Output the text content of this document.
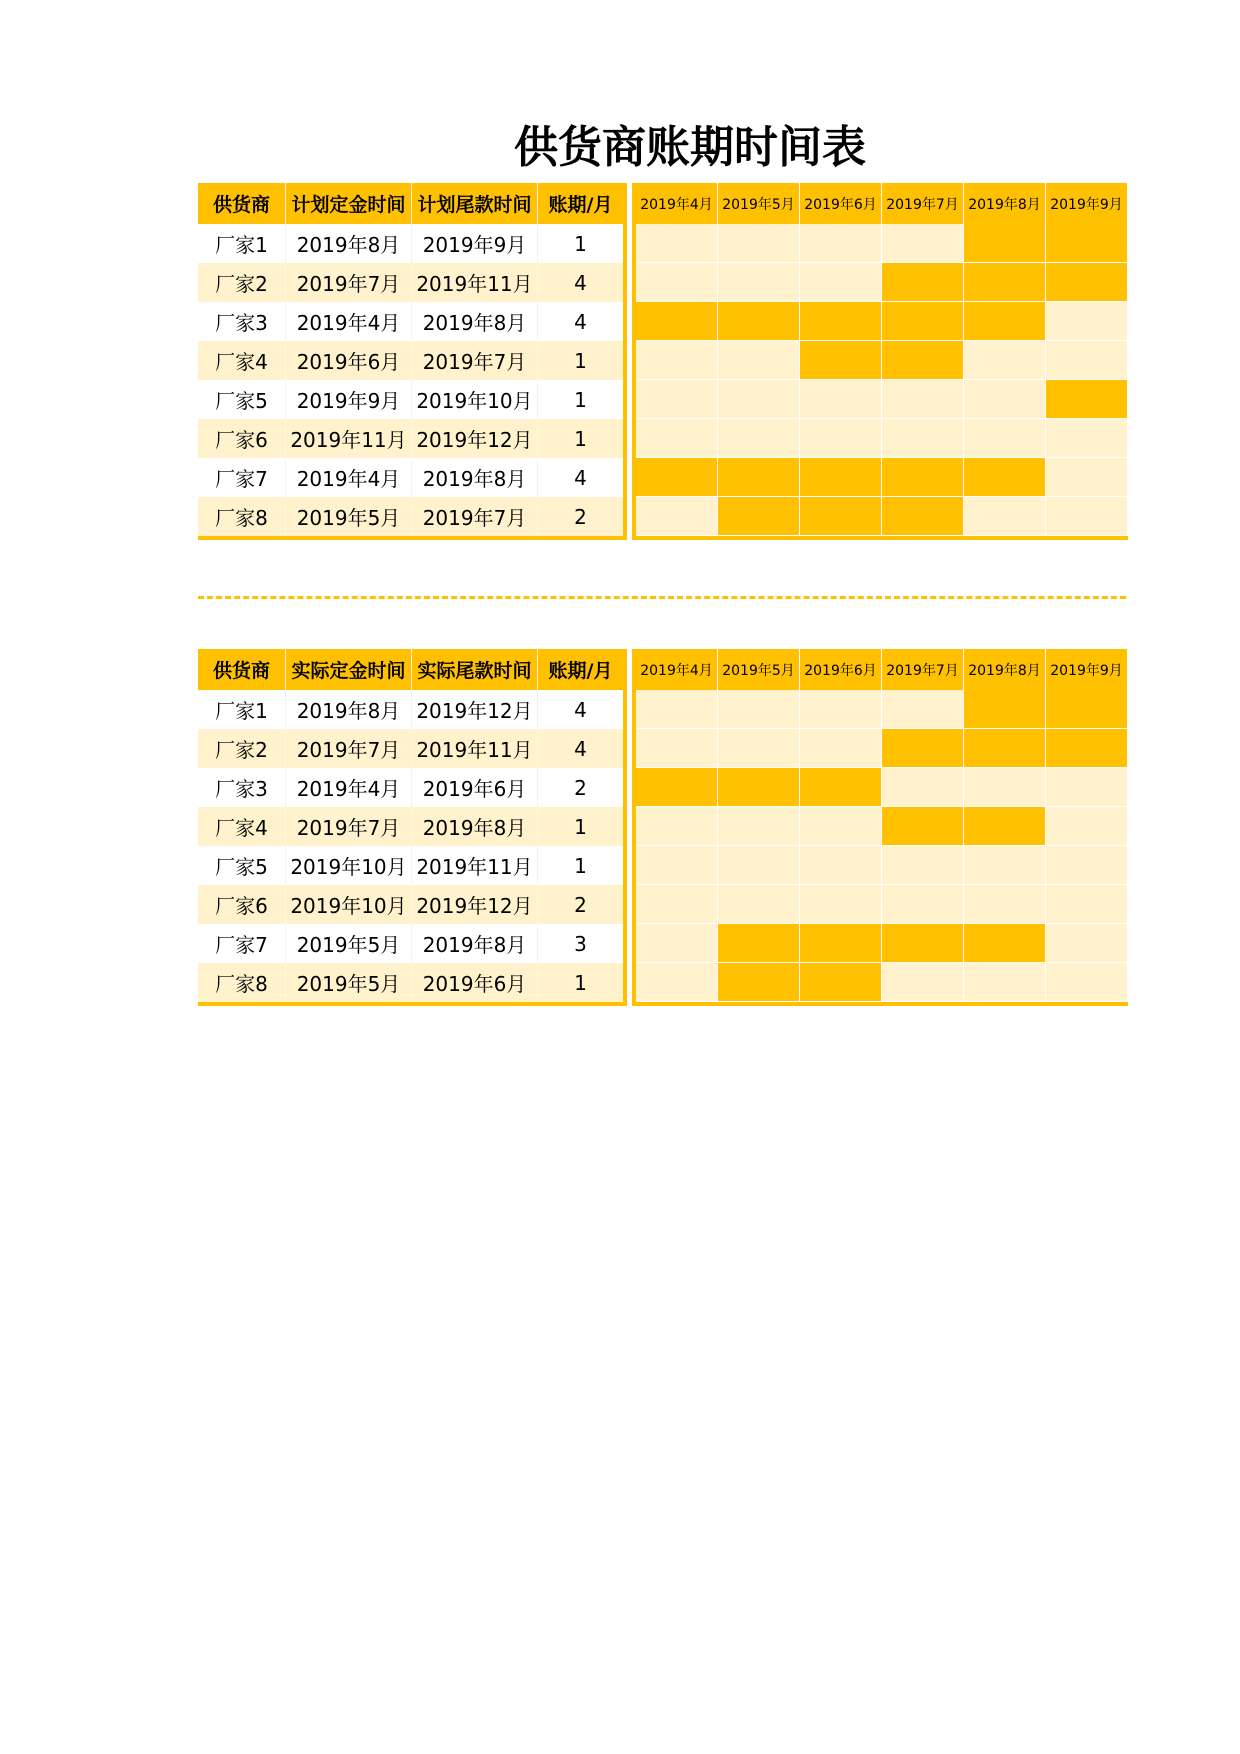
供货商账期时间表
供货商	计划定金时间 计划尾款时间 账期/月
厂家1	2019年8月	2019年9月	1
厂家2	2019年7月 2019年11月	4
厂家3	2019年4月	2019年8月	4
厂家4	2019年6月	2019年7月	1
厂家5	2019年9月 2019年10月	1
厂家6	2019年11月 2019年12月	1
厂家7	2019年4月	2019年8月	4
厂家8	2019年5月	2019年7月	2
2019年4月 2019年5月 2019年6月 2019年7月 2019年8月 2019年9月
供货商	实际定金时间 实际尾款时间 账期/月
厂家1	2019年8月 2019年12月	4
厂家2	2019年7月 2019年11月	4
厂家3	2019年4月	2019年6月	2
厂家4	2019年7月	2019年8月	1
厂家5	2019年10月 2019年11月	1
厂家6	2019年10月 2019年12月	2
厂家7	2019年5月	2019年8月	3
厂家8	2019年5月	2019年6月	1
2019年4月 2019年5月 2019年6月 2019年7月 2019年8月 2019年9月
